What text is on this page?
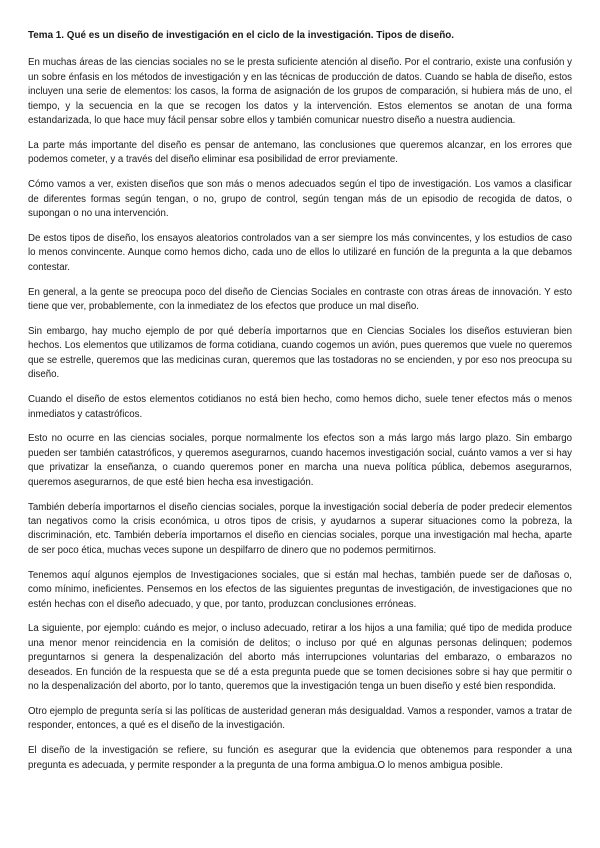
Tema 1. Qué es un diseño de investigación en el ciclo de la investigación. Tipos de diseño.

En muchas áreas de las ciencias sociales no se le presta suficiente atención al diseño. Por el contrario, existe una confusión y un sobre énfasis en los métodos de investigación y en las técnicas de producción de datos. Cuando se habla de diseño, estos incluyen una serie de elementos: los casos, la forma de asignación de los grupos de comparación, si hubiera más de uno, el tiempo, y la secuencia en la que se recogen los datos y la intervención. Estos elementos se anotan de una forma estandarizada, lo que hace muy fácil pensar sobre ellos y también comunicar nuestro diseño a nuestra audiencia.

La parte más importante del diseño es pensar de antemano, las conclusiones que queremos alcanzar, en los errores que podemos cometer, y a través del diseño eliminar esa posibilidad de error previamente.

Cómo vamos a ver, existen diseños que son más o menos adecuados según el tipo de investigación. Los vamos a clasificar de diferentes formas según tengan, o no, grupo de control, según tengan más de un episodio de recogida de datos, o supongan o no una intervención.

De estos tipos de diseño, los ensayos aleatorios controlados van a ser siempre los más convincentes, y los estudios de caso lo menos convincente. Aunque como hemos dicho, cada uno de ellos lo utilizaré en función de la pregunta a la que debamos contestar.

En general, a la gente se preocupa poco del diseño de Ciencias Sociales en contraste con otras áreas de innovación. Y esto tiene que ver, probablemente, con la inmediatez de los efectos que produce un mal diseño.

Sin embargo, hay mucho ejemplo de por qué debería importarnos que en Ciencias Sociales los diseños estuvieran bien hechos. Los elementos que utilizamos de forma cotidiana, cuando cogemos un avión, pues queremos que vuele no queremos que se estrelle, queremos que las medicinas curan, queremos que las tostadoras no se encienden, y por eso nos preocupa su diseño.

Cuando el diseño de estos elementos cotidianos no está bien hecho, como hemos dicho, suele tener efectos más o menos inmediatos y catastróficos.

Esto no ocurre en las ciencias sociales, porque normalmente los efectos son a más largo más largo plazo. Sin embargo pueden ser también catastróficos, y queremos asegurarnos, cuando hacemos investigación social, cuánto vamos a ver si hay que privatizar la enseñanza, o cuando queremos poner en marcha una nueva política pública, debemos asegurarnos, queremos asegurarnos, de que esté bien hecha esa investigación.

También debería importarnos el diseño ciencias sociales, porque la investigación social debería de poder predecir elementos tan negativos como la crisis económica, u otros tipos de crisis, y ayudarnos a superar situaciones como la pobreza, la discriminación, etc. También debería importarnos el diseño en ciencias sociales, porque una investigación mal hecha, aparte de ser poco ética, muchas veces supone un despilfarro de dinero que no podemos permitirnos.

Tenemos aquí algunos ejemplos de Investigaciones sociales, que si están mal hechas, también puede ser de dañosas o, como mínimo, ineficientes. Pensemos en los efectos de las siguientes preguntas de investigación, de investigaciones que no estén hechas con el diseño adecuado, y que, por tanto, produzcan conclusiones erróneas.

La siguiente, por ejemplo: cuándo es mejor, o incluso adecuado, retirar a los hijos a una familia; qué tipo de medida produce una menor menor reincidencia en la comisión de delitos; o incluso por qué en algunas personas delinquen; podemos preguntarnos si genera la despenalización del aborto más interrupciones voluntarias del embarazo, o embarazos no deseados. En función de la respuesta que se dé a esta pregunta puede que se tomen decisiones sobre si hay que permitir o no la despenalización del aborto, por lo tanto, queremos que la investigación tenga un buen diseño y esté bien respondida.

Otro ejemplo de pregunta sería si las políticas de austeridad generan más desigualdad. Vamos a responder, vamos a tratar de responder, entonces, a qué es el diseño de la investigación.

El diseño de la investigación se refiere, su función es asegurar que la evidencia que obtenemos para responder a una pregunta es adecuada, y permite responder a la pregunta de una forma ambigua.O lo menos ambigua posible.
